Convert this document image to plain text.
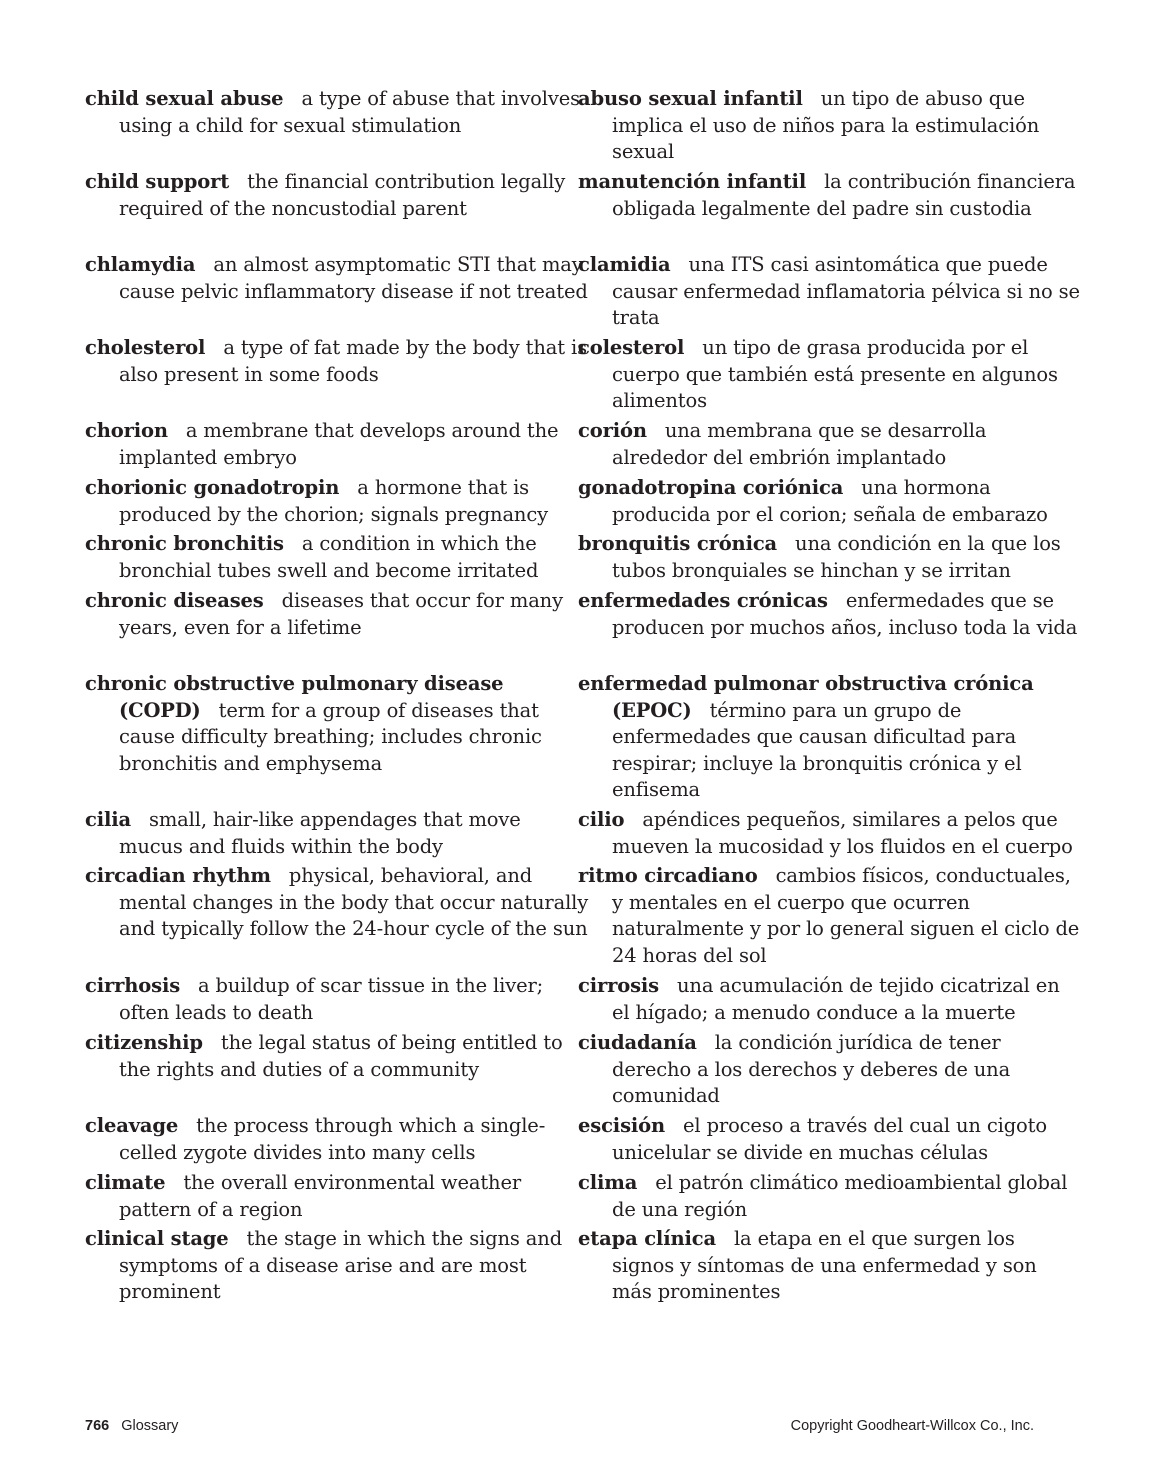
child sexual abuse a type of abuse that involves using a child for sexual stimulation
child support the financial contribution legally required of the noncustodial parent
chlamydia an almost asymptomatic STI that may cause pelvic inflammatory disease if not treated
cholesterol a type of fat made by the body that is also present in some foods
chorion a membrane that develops around the implanted embryo
chorionic gonadotropin a hormone that is produced by the chorion; signals pregnancy
chronic bronchitis a condition in which the bronchial tubes swell and become irritated
chronic diseases diseases that occur for many years, even for a lifetime
chronic obstructive pulmonary disease (COPD) term for a group of diseases that cause difficulty breathing; includes chronic bronchitis and emphysema
cilia small, hair-like appendages that move mucus and fluids within the body
circadian rhythm physical, behavioral, and mental changes in the body that occur naturally and typically follow the 24-hour cycle of the sun
cirrhosis a buildup of scar tissue in the liver; often leads to death
citizenship the legal status of being entitled to the rights and duties of a community
cleavage the process through which a single-celled zygote divides into many cells
climate the overall environmental weather pattern of a region
clinical stage the stage in which the signs and symptoms of a disease arise and are most prominent
abuso sexual infantil un tipo de abuso que implica el uso de niños para la estimulación sexual
manutención infantil la contribución financiera obligada legalmente del padre sin custodia
clamidia una ITS casi asintomática que puede causar enfermedad inflamatoria pélvica si no se trata
colesterol un tipo de grasa producida por el cuerpo que también está presente en algunos alimentos
corión una membrana que se desarrolla alrededor del embrión implantado
gonadotropina coriónica una hormona producida por el corion; señala de embarazo
bronquitis crónica una condición en la que los tubos bronquiales se hinchan y se irritan
enfermedades crónicas enfermedades que se producen por muchos años, incluso toda la vida
enfermedad pulmonar obstructiva crónica (EPOC) término para un grupo de enfermedades que causan dificultad para respirar; incluye la bronquitis crónica y el enfisema
cilio apéndices pequeños, similares a pelos que mueven la mucosidad y los fluidos en el cuerpo
ritmo circadiano cambios físicos, conductuales, y mentales en el cuerpo que ocurren naturalmente y por lo general siguen el ciclo de 24 horas del sol
cirrosis una acumulación de tejido cicatrizal en el hígado; a menudo conduce a la muerte
ciudadanía la condición jurídica de tener derecho a los derechos y deberes de una comunidad
escisión el proceso a través del cual un cigoto unicelular se divide en muchas células
clima el patrón climático medioambiental global de una región
etapa clínica la etapa en el que surgen los signos y síntomas de una enfermedad y son más prominentes
766 Glossary	Copyright Goodheart-Willcox Co., Inc.
